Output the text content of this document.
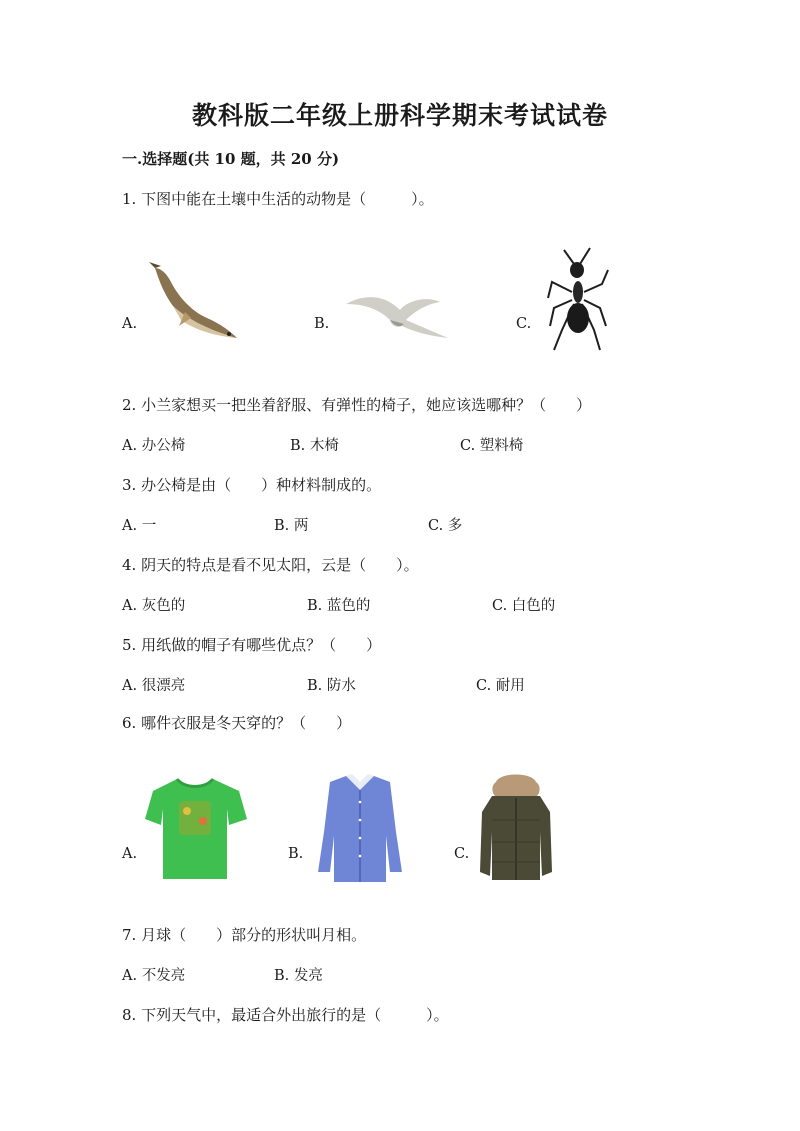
教科版二年级上册科学期末考试试卷
一.选择题(共 10 题，共 20 分)
1. 下图中能在土壤中生活的动物是（　　　）。
A.	B.	C.
2. 小兰家想买一把坐着舒服、有弹性的椅子，她应该选哪种？（　　）
A. 办公椅	B. 木椅	C. 塑料椅
3. 办公椅是由（　　）种材料制成的。
A. 一	B. 两	C. 多
4. 阴天的特点是看不见太阳，云是（　　）。
A. 灰色的	B. 蓝色的	C. 白色的
5. 用纸做的帽子有哪些优点？（　　）
A. 很漂亮	B. 防水	C. 耐用
6. 哪件衣服是冬天穿的？（　　）
A.	B.	C.
7. 月球（　　）部分的形状叫月相。
A. 不发亮	B. 发亮
8. 下列天气中，最适合外出旅行的是（　　　）。
